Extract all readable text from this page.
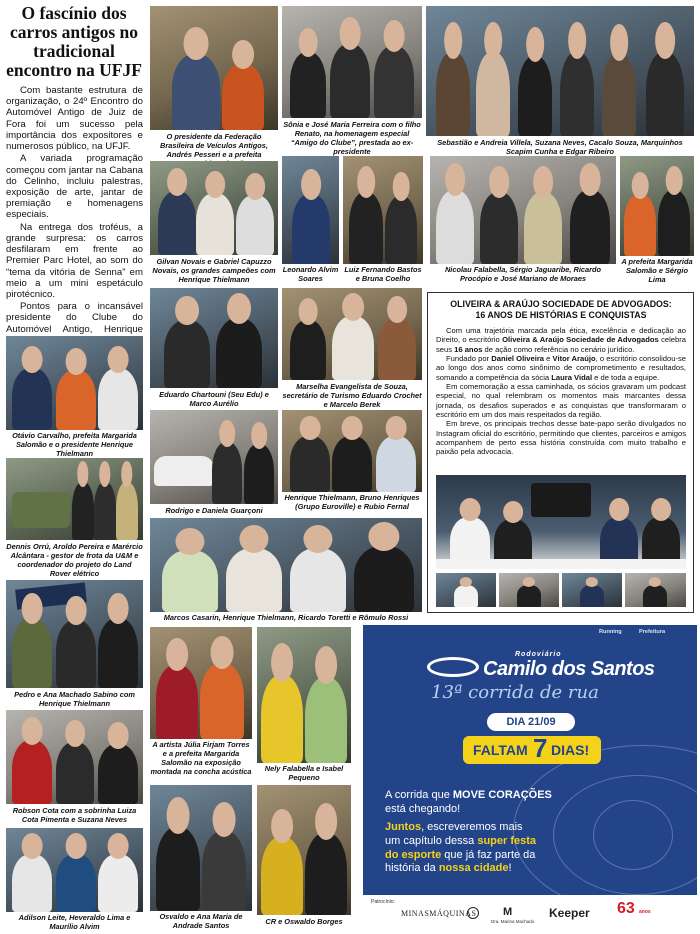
O fascínio dos carros antigos no tradicional encontro na UFJF

Com bastante estrutura de organização, o 24º Encontro do Automóvel Antigo de Juiz de Fora foi um sucesso pela importância dos expositores e numerosos público, na UFJF.

A variada programação começou com jantar na Cabana do Celinho, incluiu palestras, exposição de arte, jantar de premiação e homenagens especiais.

Na entrega dos troféus, a grande surpresa: os carros desfilaram em frente ao Premier Parc Hotel, ao som do “tema da vitória de Senna” em meio a um mini espetáculo pirotécnico.

Pontos para o incansável presidente do Clube do Automóvel Antigo, Henrique

O presidente da Federação Brasileira de Veículos Antigos, Andrés Pesseri e a prefeita
Sônia e José Maria Ferreira com o filho Renato, na homenagem especial “Amigo do Clube”, prestada ao ex-presidente
Sebastião e Andreia Villela, Suzana Neves, Cacalo Souza, Marquinhos Scapim Cunha e Edgar Ribeiro
Gilvan Novais e Gabriel Capuzzo Novais, os grandes campeões com Henrique Thielmann
Leonardo Alvim Soares
Luiz Fernando Bastos e Bruna Coelho
Nicolau Falabella, Sérgio Jaguaribe, Ricardo Procópio e José Mariano de Moraes
A prefeita Margarida Salomão e Sérgio Lima
Eduardo Chartouni (Seu Edu) e Marco Aurélio
Marselha Evangelista de Souza, secretário de Turismo Eduardo Crochet e Marcelo Berek
Otávio Carvalho, prefeita Margarida Salomão e o presidente Henrique Thielmann
Dennis Orrú, Aroldo Pereira e Marércio Alcântara - gestor de frota da U&M e coordenador do projeto do Land Rover elétrico
Pedro e Ana Machado Sabino com Henrique Thielmann
Robson Cota com a sobrinha Luiza Cota Pimenta e Suzana Neves
Adilson Leite, Heveraldo Lima e Maurílio Alvim
Rodrigo e Daniela Guarçoni
Henrique Thielmann, Bruno Henriques (Grupo Euroville) e Rubio Fernal
Marcos Casarin, Henrique Thielmann, Ricardo Toretti e Rômulo Rossi
A artista Júlia Firjam Torres e a prefeita Margarida Salomão na exposição montada na concha acústica	Nely Falabella e Isabel Pequeno
Osvaldo e Ana Maria de Andrade Santos	CR e Oswaldo Borges
OLIVEIRA & ARAÚJO SOCIEDADE DE ADVOGADOS:
16 ANOS DE HISTÓRIAS E CONQUISTAS

Com uma trajetória marcada pela ética, excelência e dedicação ao Direito, o escritório Oliveira & Araújo Sociedade de Advogados celebra seus 16 anos de ação como referência no cenário jurídico.

Fundado por Daniel Oliveira e Vitor Araújo, o escritório consolidou-se ao longo dos anos como sinônimo de comprometimento e resultados, somando a competência da sócia Laura Vidal e de toda a equipe.

Em comemoração a essa caminhada, os sócios gravaram um podcast especial, no qual relembram os momentos mais marcantes dessa jornada, os desafios superados e as conquistas que transformaram o escritório em um dos mais respeitados da região.

Em breve, os principais trechos desse bate-papo serão divulgados no Instagram oficial do escritório, permitindo que clientes, parceiros e amigos acompanhem de perto essa história construída com muito trabalho e paixão pela advocacia.

Running	Prefeitura
Rodoviário
Camilo dos Santos
13ª corrida de rua
DIA 21/09
FALTAM 7 DIAS!
A corrida que MOVE CORAÇÕES
está chegando!
Juntos, escreveremos mais
um capítulo dessa super festa
do esporte que já faz parte da
história da nossa cidade!
Patrocínio:
MINASMÁQUINAS M
Dra. Marina Machado
Keeper 63 anos
